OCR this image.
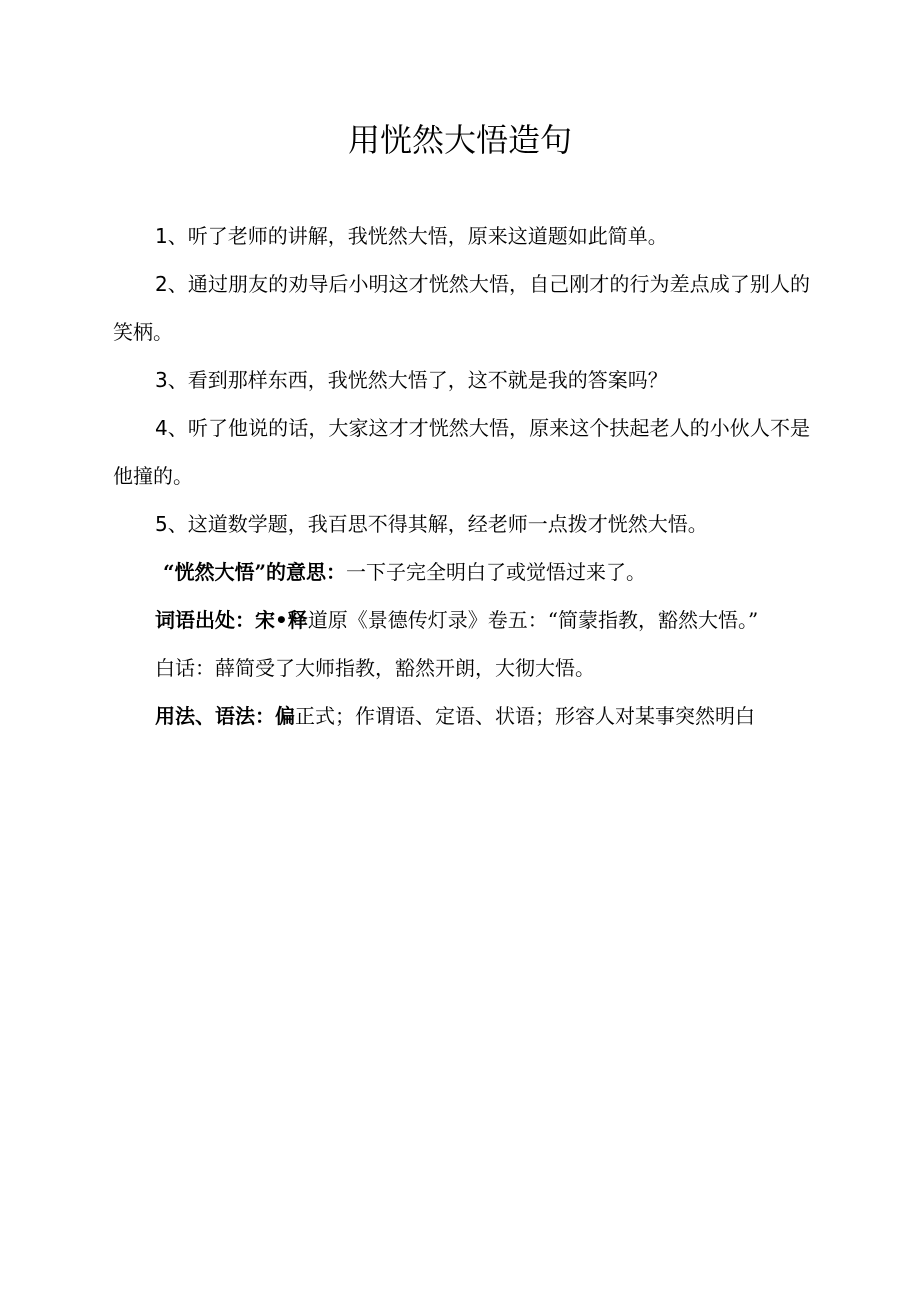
用恍然大悟造句

1、听了老师的讲解，我恍然大悟，原来这道题如此简单。

2、通过朋友的劝导后小明这才恍然大悟，自己刚才的行为差点成了别人的笑柄。

3、看到那样东西，我恍然大悟了，这不就是我的答案吗？

4、听了他说的话，大家这才才恍然大悟，原来这个扶起老人的小伙人不是他撞的。

5、这道数学题，我百思不得其解，经老师一点拨才恍然大悟。

“恍然大悟”的意思：一下子完全明白了或觉悟过来了。

词语出处：宋•释道原《景德传灯录》卷五：“简蒙指教，豁然大悟。”

白话：薛简受了大师指教，豁然开朗，大彻大悟。

用法、语法：偏正式；作谓语、定语、状语；形容人对某事突然明白
